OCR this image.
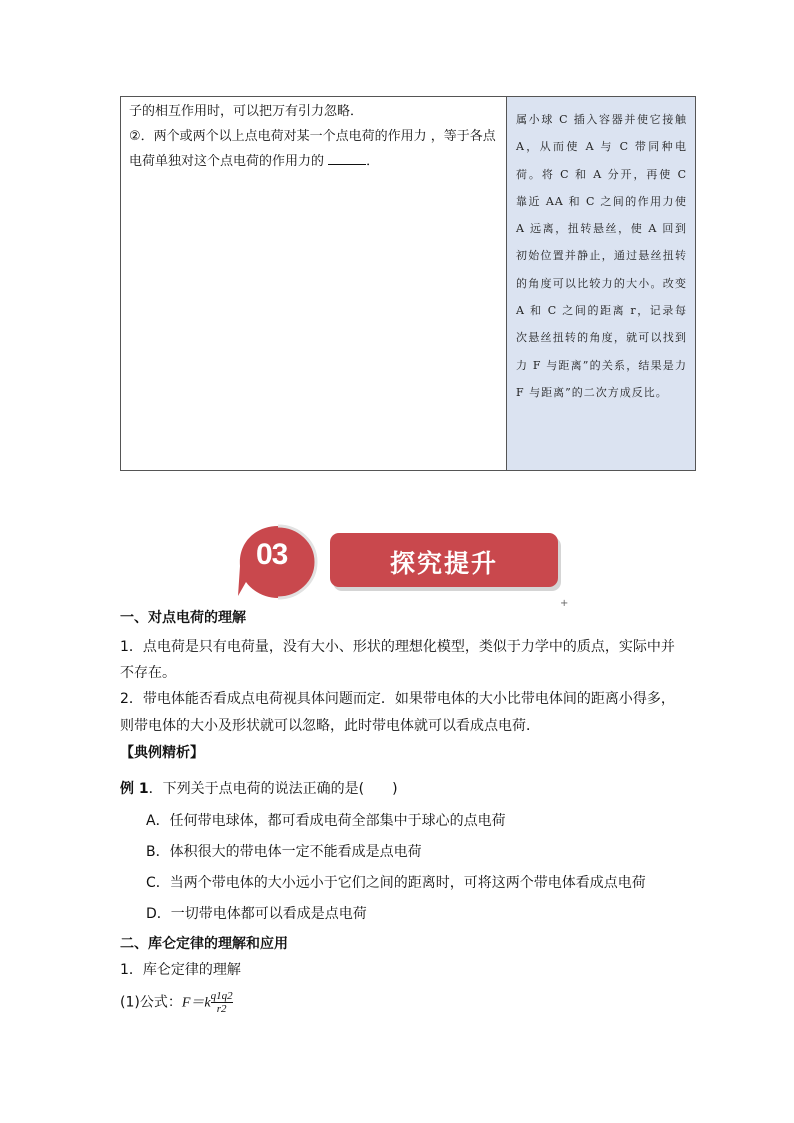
子的相互作用时，可以把万有引力忽略．

②．两个或两个以上点电荷对某一个点电荷的作用力 ，等于各点

电荷单独对这个点电荷的作用力的	．

属小球 C 插入容器并使它接触 A，从而使 A 与 C 带同种电荷。将 C 和 A 分开，再使 C 靠近 AA 和 C 之间的作用力使 A 远离，扭转悬丝，使 A 回到初始位置并静止，通过悬丝扭转的角度可以比较力的大小。改变 A 和 C 之间的距离 r，记录每次悬丝扭转的角度，就可以找到力 F 与距离”的关系，结果是力 F 与距离”的二次方成反比。
03	探究提升
+
一、对点电荷的理解
1．点电荷是只有电荷量，没有大小、形状的理想化模型，类似于力学中的质点，实际中并
不存在。
2．带电体能否看成点电荷视具体问题而定．如果带电体的大小比带电体间的距离小得多，
则带电体的大小及形状就可以忽略，此时带电体就可以看成点电荷．
【典例精析】
例 1．下列关于点电荷的说法正确的是(　　)
A．任何带电球体，都可看成电荷全部集中于球心的点电荷
B．体积很大的带电体一定不能看成是点电荷
C．当两个带电体的大小远小于它们之间的距离时，可将这两个带电体看成点电荷
D．一切带电体都可以看成是点电荷
二、库仑定律的理解和应用
1．库仑定律的理解
(1)公式：$F=k \frac{q1q2}{r2}$
